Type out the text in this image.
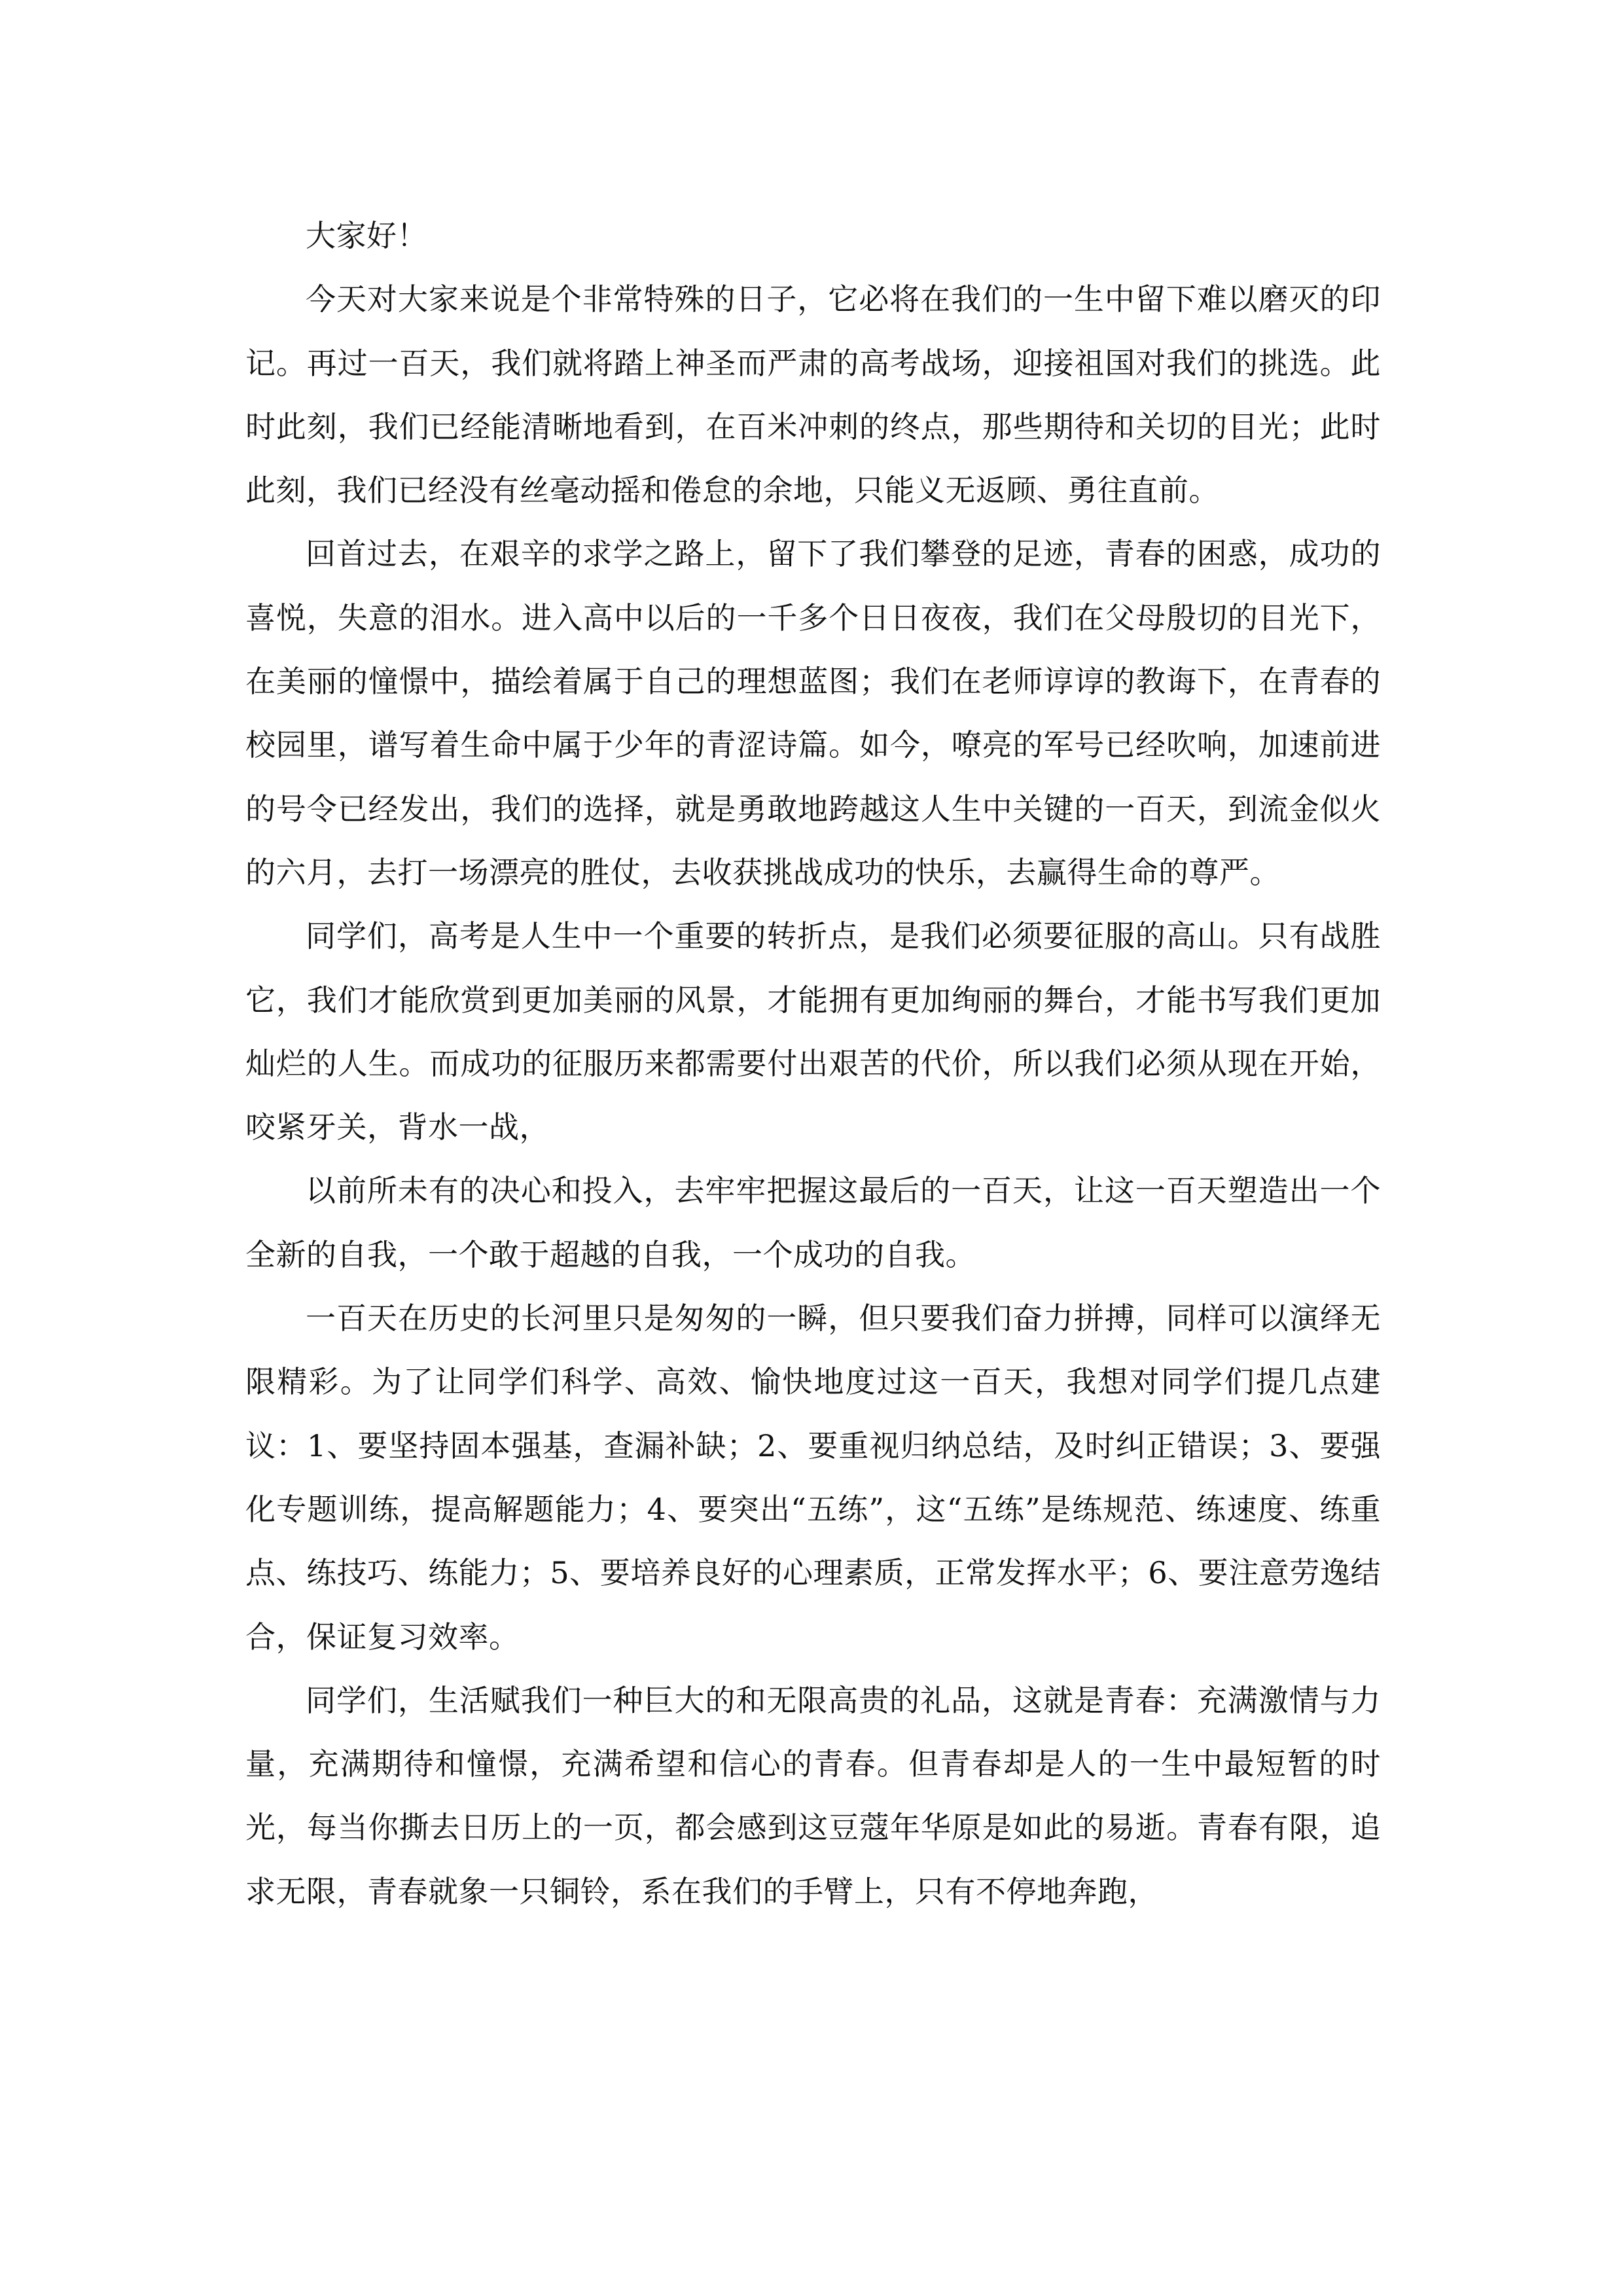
大家好！

今天对大家来说是个非常特殊的日子，它必将在我们的一生中留下难以磨灭的印记。再过一百天，我们就将踏上神圣而严肃的高考战场，迎接祖国对我们的挑选。此时此刻，我们已经能清晰地看到，在百米冲刺的终点，那些期待和关切的目光；此时此刻，我们已经没有丝毫动摇和倦怠的余地，只能义无返顾、勇往直前。

回首过去，在艰辛的求学之路上，留下了我们攀登的足迹，青春的困惑，成功的喜悦，失意的泪水。进入高中以后的一千多个日日夜夜，我们在父母殷切的目光下，在美丽的憧憬中，描绘着属于自己的理想蓝图；我们在老师谆谆的教诲下，在青春的校园里，谱写着生命中属于少年的青涩诗篇。如今，嘹亮的军号已经吹响，加速前进的号令已经发出，我们的选择，就是勇敢地跨越这人生中关键的一百天，到流金似火的六月，去打一场漂亮的胜仗，去收获挑战成功的快乐，去赢得生命的尊严。

同学们，高考是人生中一个重要的转折点，是我们必须要征服的高山。只有战胜它，我们才能欣赏到更加美丽的风景，才能拥有更加绚丽的舞台，才能书写我们更加灿烂的人生。而成功的征服历来都需要付出艰苦的代价，所以我们必须从现在开始，咬紧牙关，背水一战，

以前所未有的决心和投入，去牢牢把握这最后的一百天，让这一百天塑造出一个全新的自我，一个敢于超越的自我，一个成功的自我。

一百天在历史的长河里只是匆匆的一瞬，但只要我们奋力拼搏，同样可以演绎无限精彩。为了让同学们科学、高效、愉快地度过这一百天，我想对同学们提几点建议：1、要坚持固本强基，查漏补缺；2、要重视归纳总结，及时纠正错误；3、要强化专题训练，提高解题能力；4、要突出“五练”，这“五练”是练规范、练速度、练重点、练技巧、练能力；5、要培养良好的心理素质，正常发挥水平；6、要注意劳逸结合，保证复习效率。

同学们，生活赋我们一种巨大的和无限高贵的礼品，这就是青春：充满激情与力量，充满期待和憧憬，充满希望和信心的青春。但青春却是人的一生中最短暂的时光，每当你撕去日历上的一页，都会感到这豆蔻年华原是如此的易逝。青春有限，追求无限，青春就象一只铜铃，系在我们的手臂上，只有不停地奔跑，
